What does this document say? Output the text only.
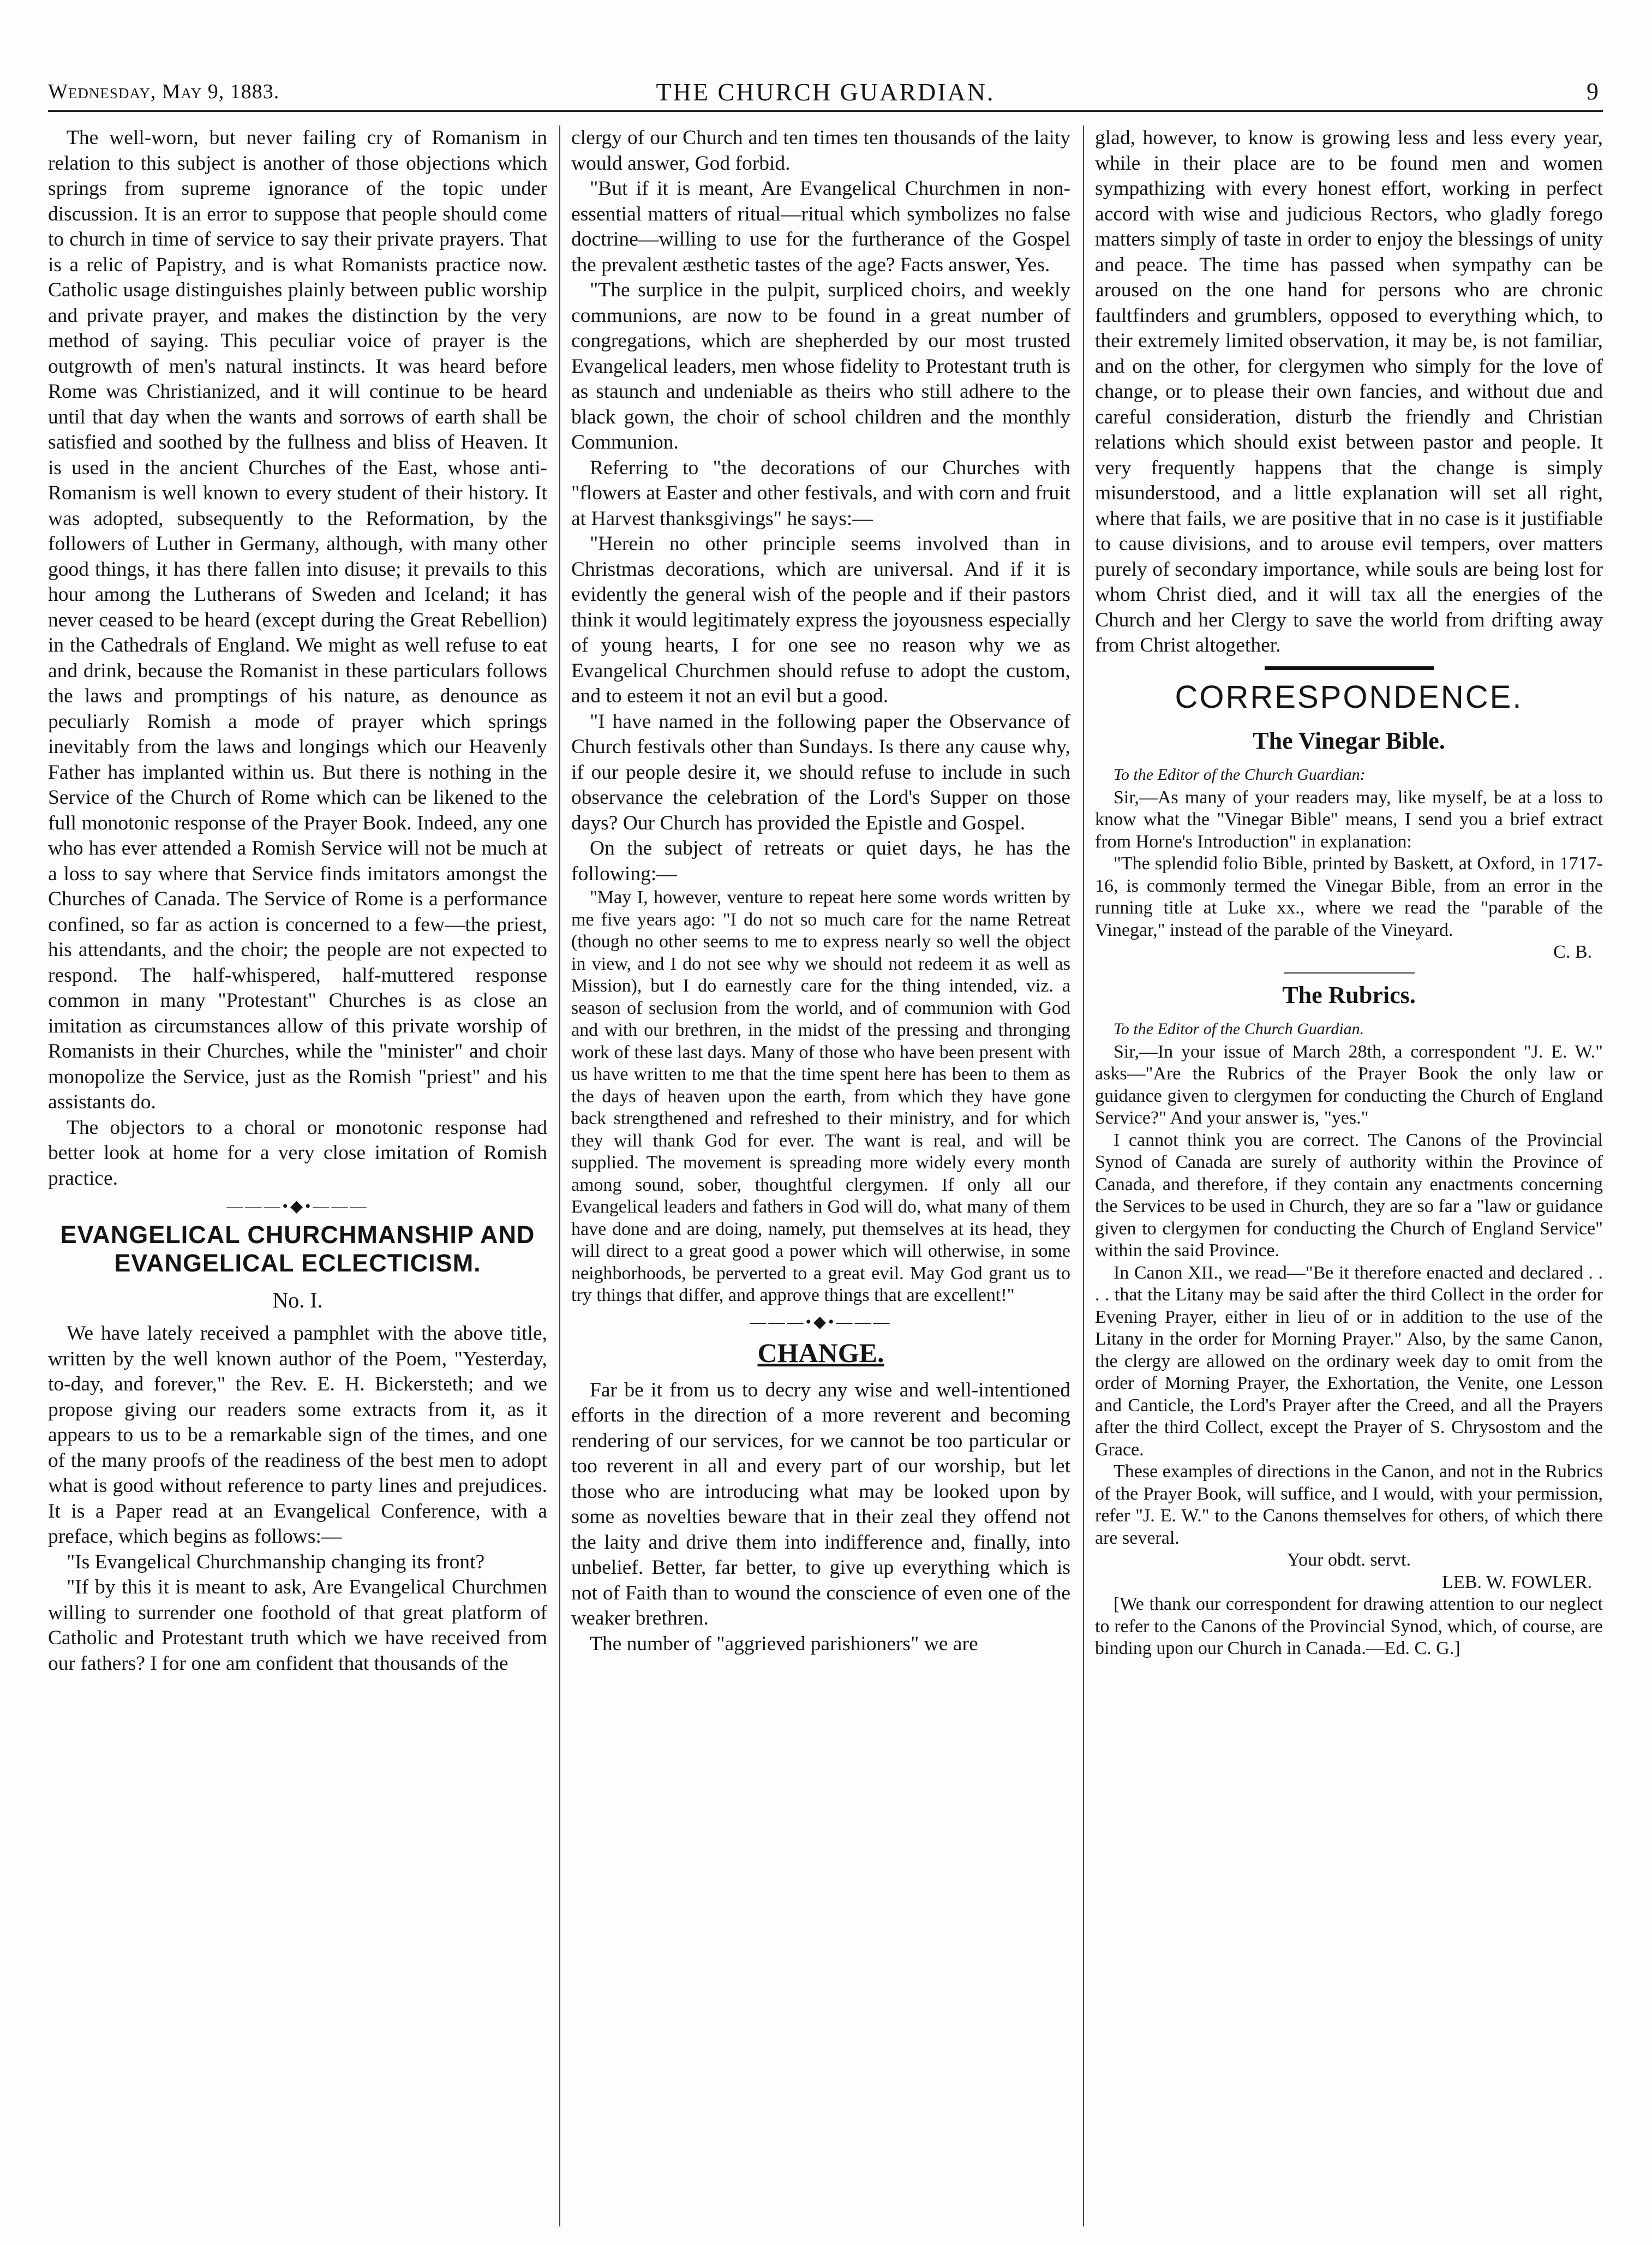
Wednesday, May 9, 1883.	THE CHURCH GUARDIAN.	9

The well-worn, but never failing cry of Romanism in relation to this subject is another of those objections which springs from supreme ignorance of the topic under discussion. It is an error to suppose that people should come to church in time of service to say their private prayers. That is a relic of Papistry, and is what Romanists practice now. Catholic usage distinguishes plainly between public worship and private prayer, and makes the distinction by the very method of saying. This peculiar voice of prayer is the outgrowth of men's natural instincts. It was heard before Rome was Christianized, and it will continue to be heard until that day when the wants and sorrows of earth shall be satisfied and soothed by the fullness and bliss of Heaven. It is used in the ancient Churches of the East, whose anti-Romanism is well known to every student of their history. It was adopted, subsequently to the Reformation, by the followers of Luther in Germany, although, with many other good things, it has there fallen into disuse; it prevails to this hour among the Lutherans of Sweden and Iceland; it has never ceased to be heard (except during the Great Rebellion) in the Cathedrals of England. We might as well refuse to eat and drink, because the Romanist in these particulars follows the laws and promptings of his nature, as denounce as peculiarly Romish a mode of prayer which springs inevitably from the laws and longings which our Heavenly Father has implanted within us. But there is nothing in the Service of the Church of Rome which can be likened to the full monotonic response of the Prayer Book. Indeed, any one who has ever attended a Romish Service will not be much at a loss to say where that Service finds imitators amongst the Churches of Canada. The Service of Rome is a performance confined, so far as action is concerned to a few—the priest, his attendants, and the choir; the people are not expected to respond. The half-whispered, half-muttered response common in many "Protestant" Churches is as close an imitation as circumstances allow of this private worship of Romanists in their Churches, while the "minister" and choir monopolize the Service, just as the Romish "priest" and his assistants do.

The objectors to a choral or monotonic response had better look at home for a very close imitation of Romish practice.

———•◆•———
EVANGELICAL CHURCHMANSHIP AND EVANGELICAL ECLECTICISM.
No. I.

We have lately received a pamphlet with the above title, written by the well known author of the Poem, "Yesterday, to-day, and forever," the Rev. E. H. Bickersteth; and we propose giving our readers some extracts from it, as it appears to us to be a remarkable sign of the times, and one of the many proofs of the readiness of the best men to adopt what is good without reference to party lines and prejudices. It is a Paper read at an Evangelical Conference, with a preface, which begins as follows:—

"Is Evangelical Churchmanship changing its front?

"If by this it is meant to ask, Are Evangelical Churchmen willing to surrender one foothold of that great platform of Catholic and Protestant truth which we have received from our fathers? I for one am confident that thousands of the

clergy of our Church and ten times ten thousands of the laity would answer, God forbid.

"But if it is meant, Are Evangelical Churchmen in non-essential matters of ritual—ritual which symbolizes no false doctrine—willing to use for the furtherance of the Gospel the prevalent æsthetic tastes of the age? Facts answer, Yes.

"The surplice in the pulpit, surpliced choirs, and weekly communions, are now to be found in a great number of congregations, which are shepherded by our most trusted Evangelical leaders, men whose fidelity to Protestant truth is as staunch and undeniable as theirs who still adhere to the black gown, the choir of school children and the monthly Communion.

Referring to "the decorations of our Churches with "flowers at Easter and other festivals, and with corn and fruit at Harvest thanksgivings" he says:—

"Herein no other principle seems involved than in Christmas decorations, which are universal. And if it is evidently the general wish of the people and if their pastors think it would legitimately express the joyousness especially of young hearts, I for one see no reason why we as Evangelical Churchmen should refuse to adopt the custom, and to esteem it not an evil but a good.

"I have named in the following paper the Observance of Church festivals other than Sundays. Is there any cause why, if our people desire it, we should refuse to include in such observance the celebration of the Lord's Supper on those days? Our Church has provided the Epistle and Gospel.

On the subject of retreats or quiet days, he has the following:—

"May I, however, venture to repeat here some words written by me five years ago: "I do not so much care for the name Retreat (though no other seems to me to express nearly so well the object in view, and I do not see why we should not redeem it as well as Mission), but I do earnestly care for the thing intended, viz. a season of seclusion from the world, and of communion with God and with our brethren, in the midst of the pressing and thronging work of these last days. Many of those who have been present with us have written to me that the time spent here has been to them as the days of heaven upon the earth, from which they have gone back strengthened and refreshed to their ministry, and for which they will thank God for ever. The want is real, and will be supplied. The movement is spreading more widely every month among sound, sober, thoughtful clergymen. If only all our Evangelical leaders and fathers in God will do, what many of them have done and are doing, namely, put themselves at its head, they will direct to a great good a power which will otherwise, in some neighborhoods, be perverted to a great evil. May God grant us to try things that differ, and approve things that are excellent!"

———•◆•———
CHANGE.

Far be it from us to decry any wise and well-intentioned efforts in the direction of a more reverent and becoming rendering of our services, for we cannot be too particular or too reverent in all and every part of our worship, but let those who are introducing what may be looked upon by some as novelties beware that in their zeal they offend not the laity and drive them into indifference and, finally, into unbelief. Better, far better, to give up everything which is not of Faith than to wound the conscience of even one of the weaker brethren.

The number of "aggrieved parishioners" we are

glad, however, to know is growing less and less every year, while in their place are to be found men and women sympathizing with every honest effort, working in perfect accord with wise and judicious Rectors, who gladly forego matters simply of taste in order to enjoy the blessings of unity and peace. The time has passed when sympathy can be aroused on the one hand for persons who are chronic faultfinders and grumblers, opposed to everything which, to their extremely limited observation, it may be, is not familiar, and on the other, for clergymen who simply for the love of change, or to please their own fancies, and without due and careful consideration, disturb the friendly and Christian relations which should exist between pastor and people. It very frequently happens that the change is simply misunderstood, and a little explanation will set all right, where that fails, we are positive that in no case is it justifiable to cause divisions, and to arouse evil tempers, over matters purely of secondary importance, while souls are being lost for whom Christ died, and it will tax all the energies of the Church and her Clergy to save the world from drifting away from Christ altogether.

CORRESPONDENCE.
The Vinegar Bible.

To the Editor of the Church Guardian:

Sir,—As many of your readers may, like myself, be at a loss to know what the "Vinegar Bible" means, I send you a brief extract from Horne's Introduction" in explanation:

"The splendid folio Bible, printed by Baskett, at Oxford, in 1717-16, is commonly termed the Vinegar Bible, from an error in the running title at Luke xx., where we read the "parable of the Vinegar," instead of the parable of the Vineyard.

C. B.
The Rubrics.

To the Editor of the Church Guardian.

Sir,—In your issue of March 28th, a correspondent "J. E. W." asks—"Are the Rubrics of the Prayer Book the only law or guidance given to clergymen for conducting the Church of England Service?" And your answer is, "yes."

I cannot think you are correct. The Canons of the Provincial Synod of Canada are surely of authority within the Province of Canada, and therefore, if they contain any enactments concerning the Services to be used in Church, they are so far a "law or guidance given to clergymen for conducting the Church of England Service" within the said Province.

In Canon XII., we read—"Be it therefore enacted and declared . . . . that the Litany may be said after the third Collect in the order for Evening Prayer, either in lieu of or in addition to the use of the Litany in the order for Morning Prayer." Also, by the same Canon, the clergy are allowed on the ordinary week day to omit from the order of Morning Prayer, the Exhortation, the Venite, one Lesson and Canticle, the Lord's Prayer after the Creed, and all the Prayers after the third Collect, except the Prayer of S. Chrysostom and the Grace.

These examples of directions in the Canon, and not in the Rubrics of the Prayer Book, will suffice, and I would, with your permission, refer "J. E. W." to the Canons themselves for others, of which there are several.

Your obdt. servt.
LEB. W. FOWLER.

[We thank our correspondent for drawing attention to our neglect to refer to the Canons of the Provincial Synod, which, of course, are binding upon our Church in Canada.—Ed. C. G.]
